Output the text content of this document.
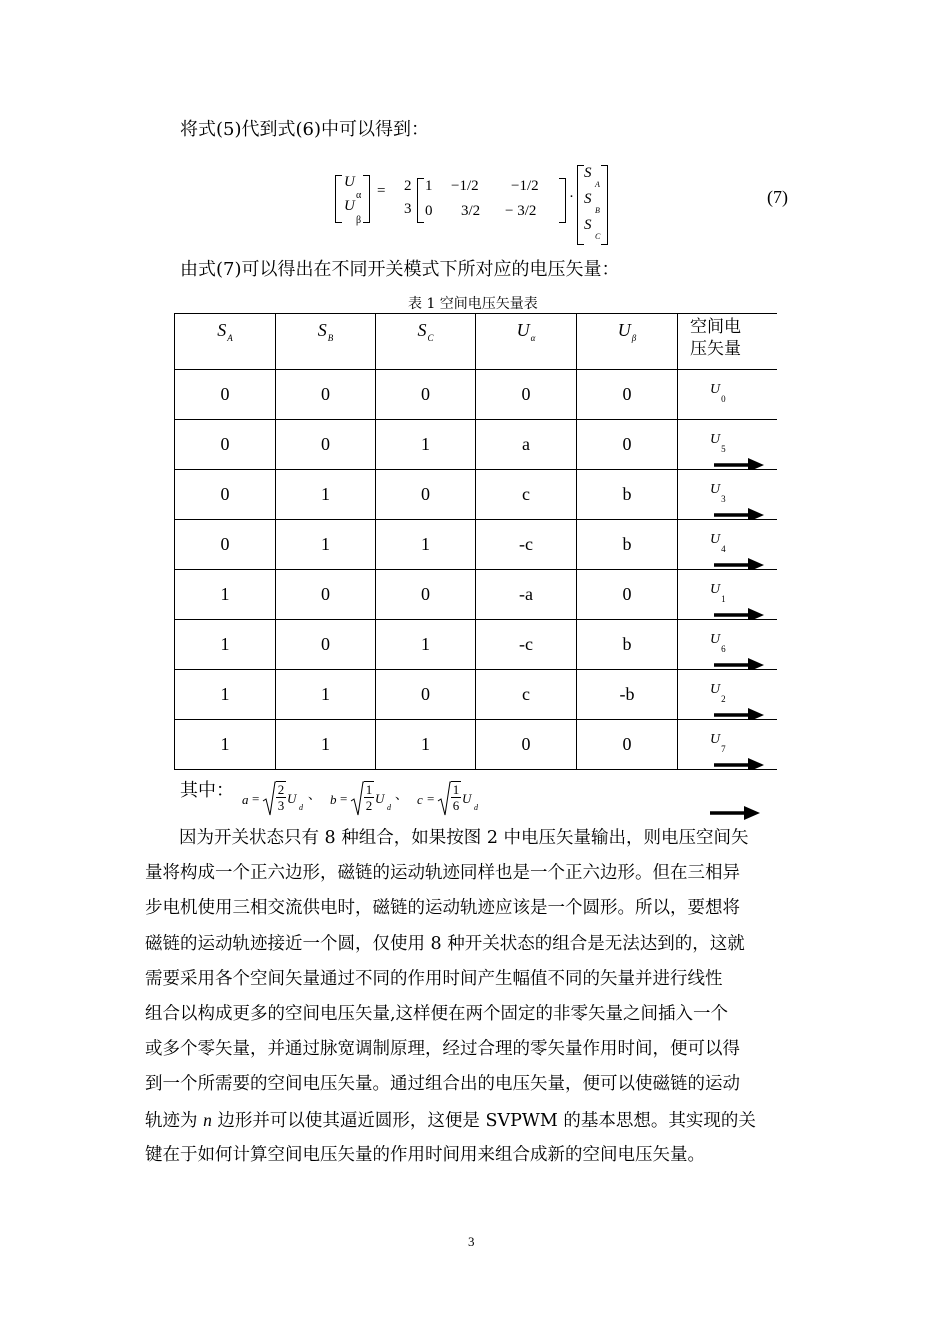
将式(5)代到式(6)中可以得到：
U
α
U
β
= 2
3
1 −1/2 −1/2
0 3/2 − 3/2
·
S
A
S
B
S
C
(7)
由式(7)可以得出在不同开关模式下所对应的电压矢量：
表 1 空间电压矢量表
$S_A$	$S_B$	$S_C$	$U_\alpha$	$U_\beta$	空间电
压矢量
0	0	0	0	0	$U_0$

0	0	1	a	0	$U_5$

0	1	0	c	b	$U_3$

0	1	1	-c	b	$U_4$

1	0	0	-a	0	$U_1$

1	0	1	-c	b	$U_6$

1	1	0	c	-b	$U_2$

1	1	1	0	0	$U_7$
其中： a =
2
3 U
d
、 b =
1
2 U
d
、 c =
1
6 U
d
因为开关状态只有 8 种组合，如果按图 2 中电压矢量输出，则电压空间矢
量将构成一个正六边形，磁链的运动轨迹同样也是一个正六边形。但在三相异
步电机使用三相交流供电时，磁链的运动轨迹应该是一个圆形。所以，要想将
磁链的运动轨迹接近一个圆，仅使用 8 种开关状态的组合是无法达到的，这就
需要采用各个空间矢量通过不同的作用时间产生幅值不同的矢量并进行线性
组合以构成更多的空间电压矢量,这样便在两个固定的非零矢量之间插入一个
或多个零矢量，并通过脉宽调制原理，经过合理的零矢量作用时间，便可以得
到一个所需要的空间电压矢量。通过组合出的电压矢量，便可以使磁链的运动
轨迹为 n 边形并可以使其逼近圆形，这便是 SVPWM 的基本思想。其实现的关
键在于如何计算空间电压矢量的作用时间用来组合成新的空间电压矢量。
3
